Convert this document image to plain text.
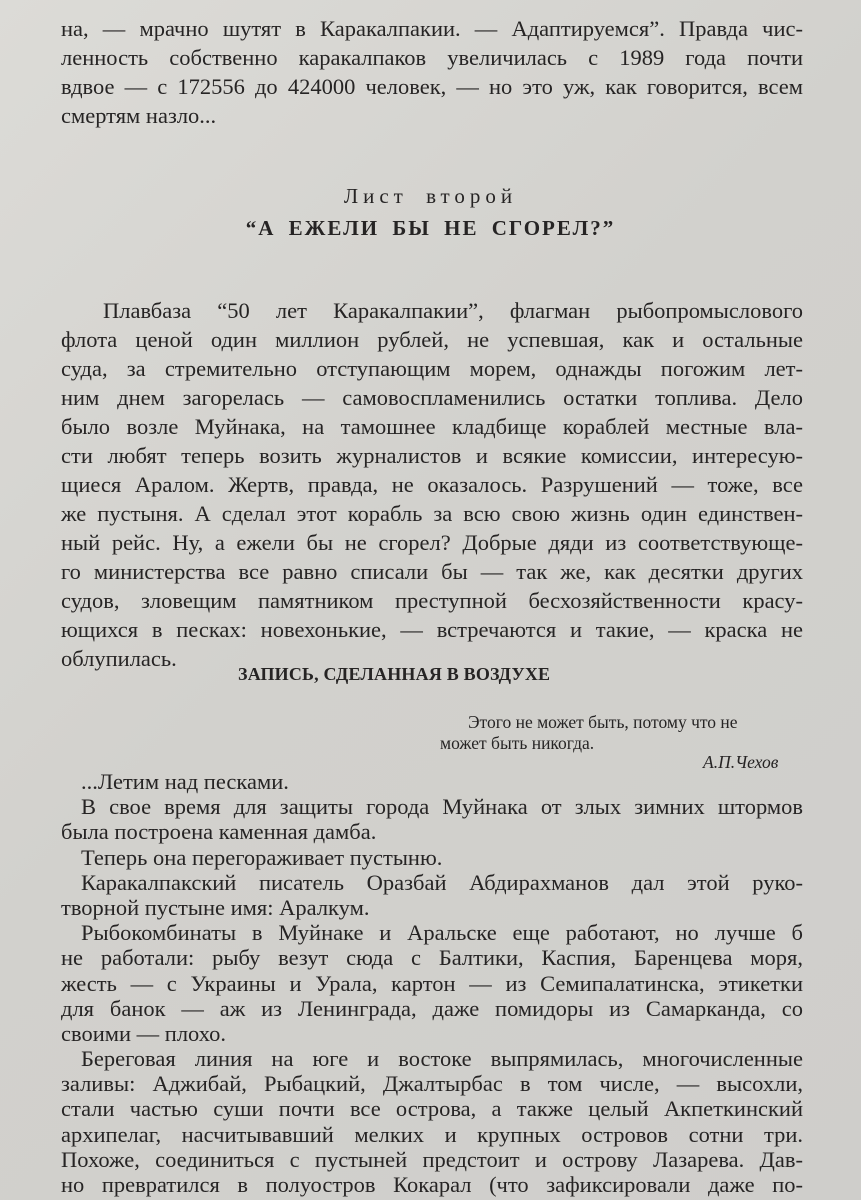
на, — мрачно шутят в Каракалпакии. — Адаптируемся”. Правда чис-
ленность собственно каракалпаков увеличилась с 1989 года почти
вдвое — с 172556 до 424000 человек, — но это уж, как говорится, всем
смертям назло...
Лист второй
“А ЕЖЕЛИ БЫ НЕ СГОРЕЛ?”
Плавбаза “50 лет Каракалпакии”, флагман рыбопромыслового
флота ценой один миллион рублей, не успевшая, как и остальные
суда, за стремительно отступающим морем, однажды погожим лет-
ним днем загорелась — самовоспламенились остатки топлива. Дело
было возле Муйнака, на тамошнее кладбище кораблей местные вла-
сти любят теперь возить журналистов и всякие комиссии, интересую-
щиеся Аралом. Жертв, правда, не оказалось. Разрушений — тоже, все
же пустыня. А сделал этот корабль за всю свою жизнь один единствен-
ный рейс. Ну, а ежели бы не сгорел? Добрые дяди из соответствующе-
го министерства все равно списали бы — так же, как десятки других
судов, зловещим памятником преступной бесхозяйственности красу-
ющихся в песках: новехонькие, — встречаются и такие, — краска не
облупилась.
ЗАПИСЬ, СДЕЛАННАЯ В ВОЗДУХЕ
Этого не может быть, потому что не
может быть никогда.
А.П.Чехов
...Летим над песками.
В свое время для защиты города Муйнака от злых зимних штормов
была построена каменная дамба.
Теперь она перегораживает пустыню.
Каракалпакский писатель Оразбай Абдирахманов дал этой руко-
творной пустыне имя: Аралкум.
Рыбокомбинаты в Муйнаке и Аральске еще работают, но лучше б
не работали: рыбу везут сюда с Балтики, Каспия, Баренцева моря,
жесть — с Украины и Урала, картон — из Семипалатинска, этикетки
для банок — аж из Ленинграда, даже помидоры из Самарканда, со
своими — плохо.
Береговая линия на юге и востоке выпрямилась, многочисленные
заливы: Аджибай, Рыбацкий, Джалтырбас в том числе, — высохли,
стали частью суши почти все острова, а также целый Акпеткинский
архипелаг, насчитывавший мелких и крупных островов сотни три.
Похоже, соединиться с пустыней предстоит и острову Лазарева. Дав-
но превратился в полуостров Кокарал (что зафиксировали даже по-
